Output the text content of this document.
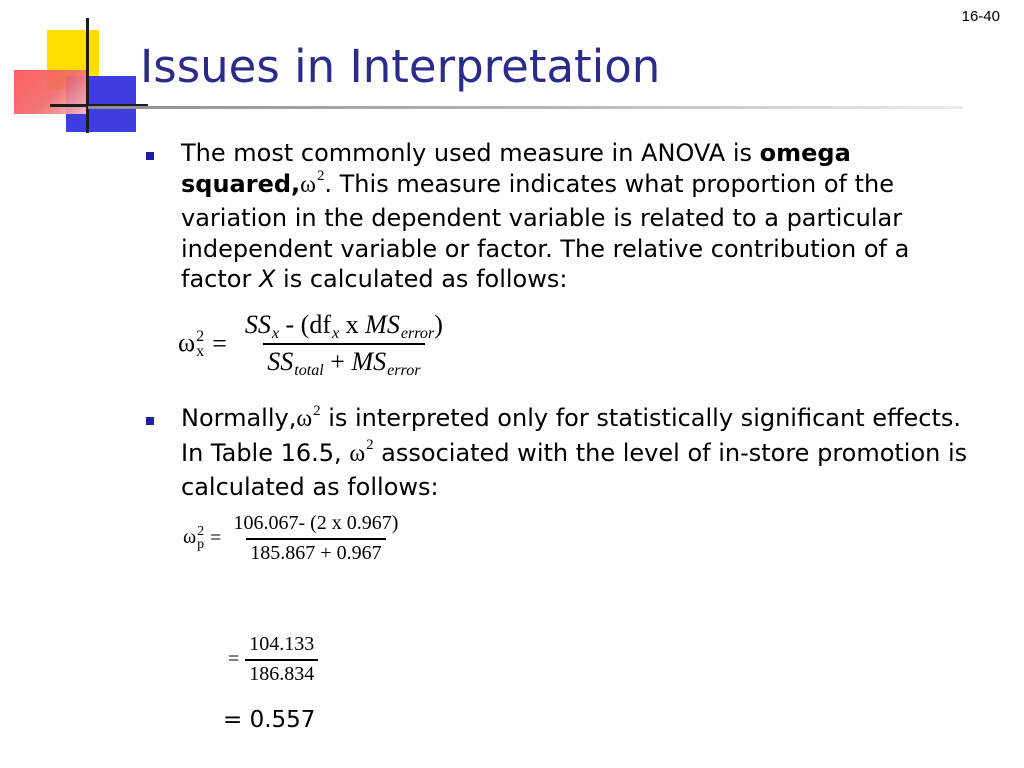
16-40
Issues in Interpretation
The most commonly used measure in ANOVA is omega $squared,\omega^2$. This measure indicates what proportion of the variation in the dependent variable is related to a particular independent variable or factor. The relative contribution of a factor X is calculated as follows:
ω 2
$x = \frac{\text{SSx - (dfx x MSerror)}}{\text{SStotal + MSerror}}$
$Normally,\omega^2$ is interpreted only for statistically significant effects. In Table 16.5, $\omega^2$ associated with the level of in-store promotion is calculated as follows:
ω 2
$p = \frac{106.067- (2 x 0.967)}{185.867 + 0.967}$
= $\frac{104.133}{186.834}$
= 0.557
